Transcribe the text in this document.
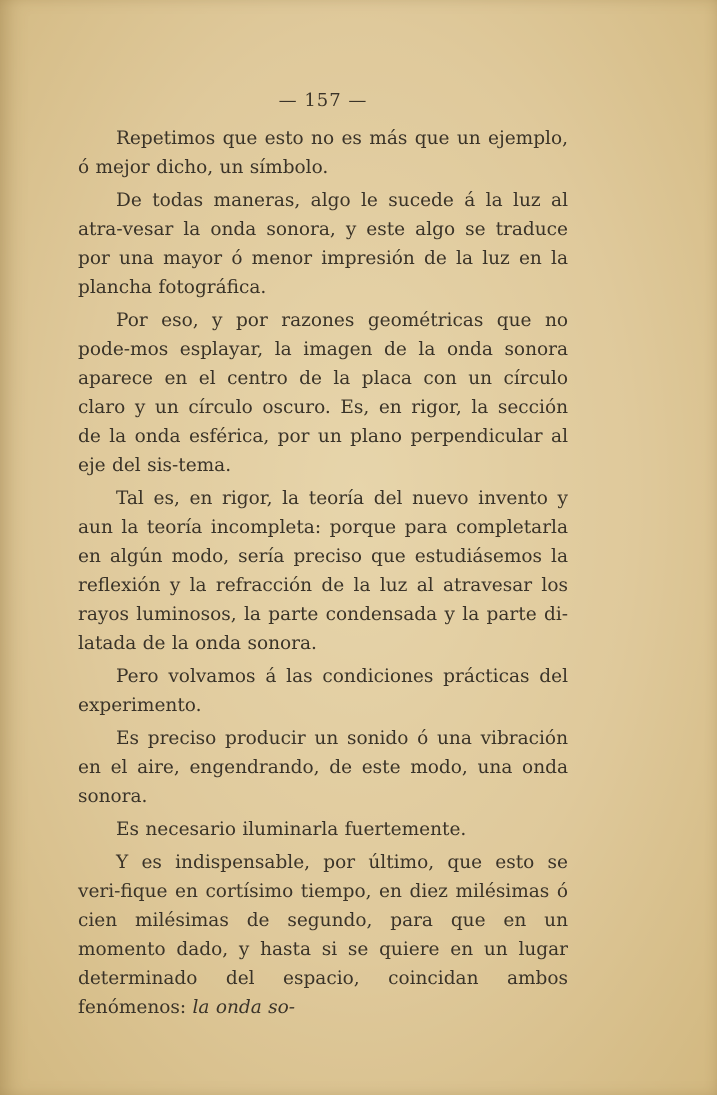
— 157 —

Repetimos que esto no es más que un ejemplo, ó mejor dicho, un símbolo.

De todas maneras, algo le sucede á la luz al atra-vesar la onda sonora, y este algo se traduce por una mayor ó menor impresión de la luz en la plancha fotográfica.

Por eso, y por razones geométricas que no pode-mos esplayar, la imagen de la onda sonora aparece en el centro de la placa con un círculo claro y un círculo oscuro. Es, en rigor, la sección de la onda esférica, por un plano perpendicular al eje del sis-tema.

Tal es, en rigor, la teoría del nuevo invento y aun la teoría incompleta: porque para completarla en algún modo, sería preciso que estudiásemos la reflexión y la refracción de la luz al atravesar los rayos luminosos, la parte condensada y la parte di-latada de la onda sonora.

Pero volvamos á las condiciones prácticas del experimento.

Es preciso producir un sonido ó una vibración en el aire, engendrando, de este modo, una onda sonora.

Es necesario iluminarla fuertemente.

Y es indispensable, por último, que esto se veri-fique en cortísimo tiempo, en diez milésimas ó cien milésimas de segundo, para que en un momento dado, y hasta si se quiere en un lugar determinado del espacio, coincidan ambos fenómenos: la onda so-
